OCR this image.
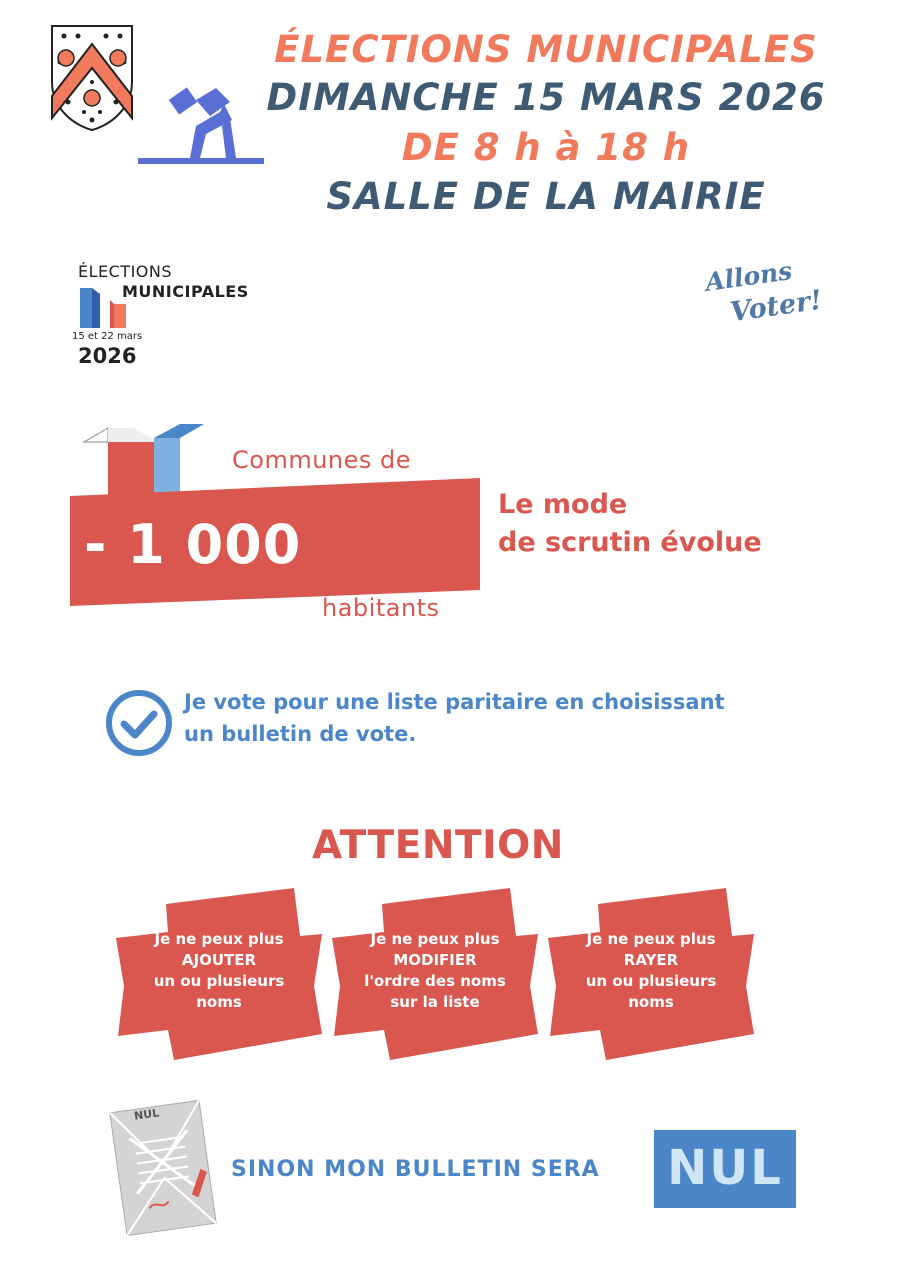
ÉLECTIONS MUNICIPALES
DIMANCHE 15 MARS 2026
DE 8 h à 18 h
SALLE DE LA MAIRIE
ÉLECTIONS
MUNICIPALES
15 et 22 mars
2026
Allons
Voter!
Communes de
- 1 000
habitants
Le mode
de scrutin évolue
Je vote pour une liste paritaire en choisissant
un bulletin de vote.
ATTENTION
Je ne peux plus
AJOUTER
un ou plusieurs
noms
Je ne peux plus
MODIFIER
l'ordre des noms
sur la liste
Je ne peux plus
RAYER
un ou plusieurs
noms
NUL
SINON MON BULLETIN SERA NUL
